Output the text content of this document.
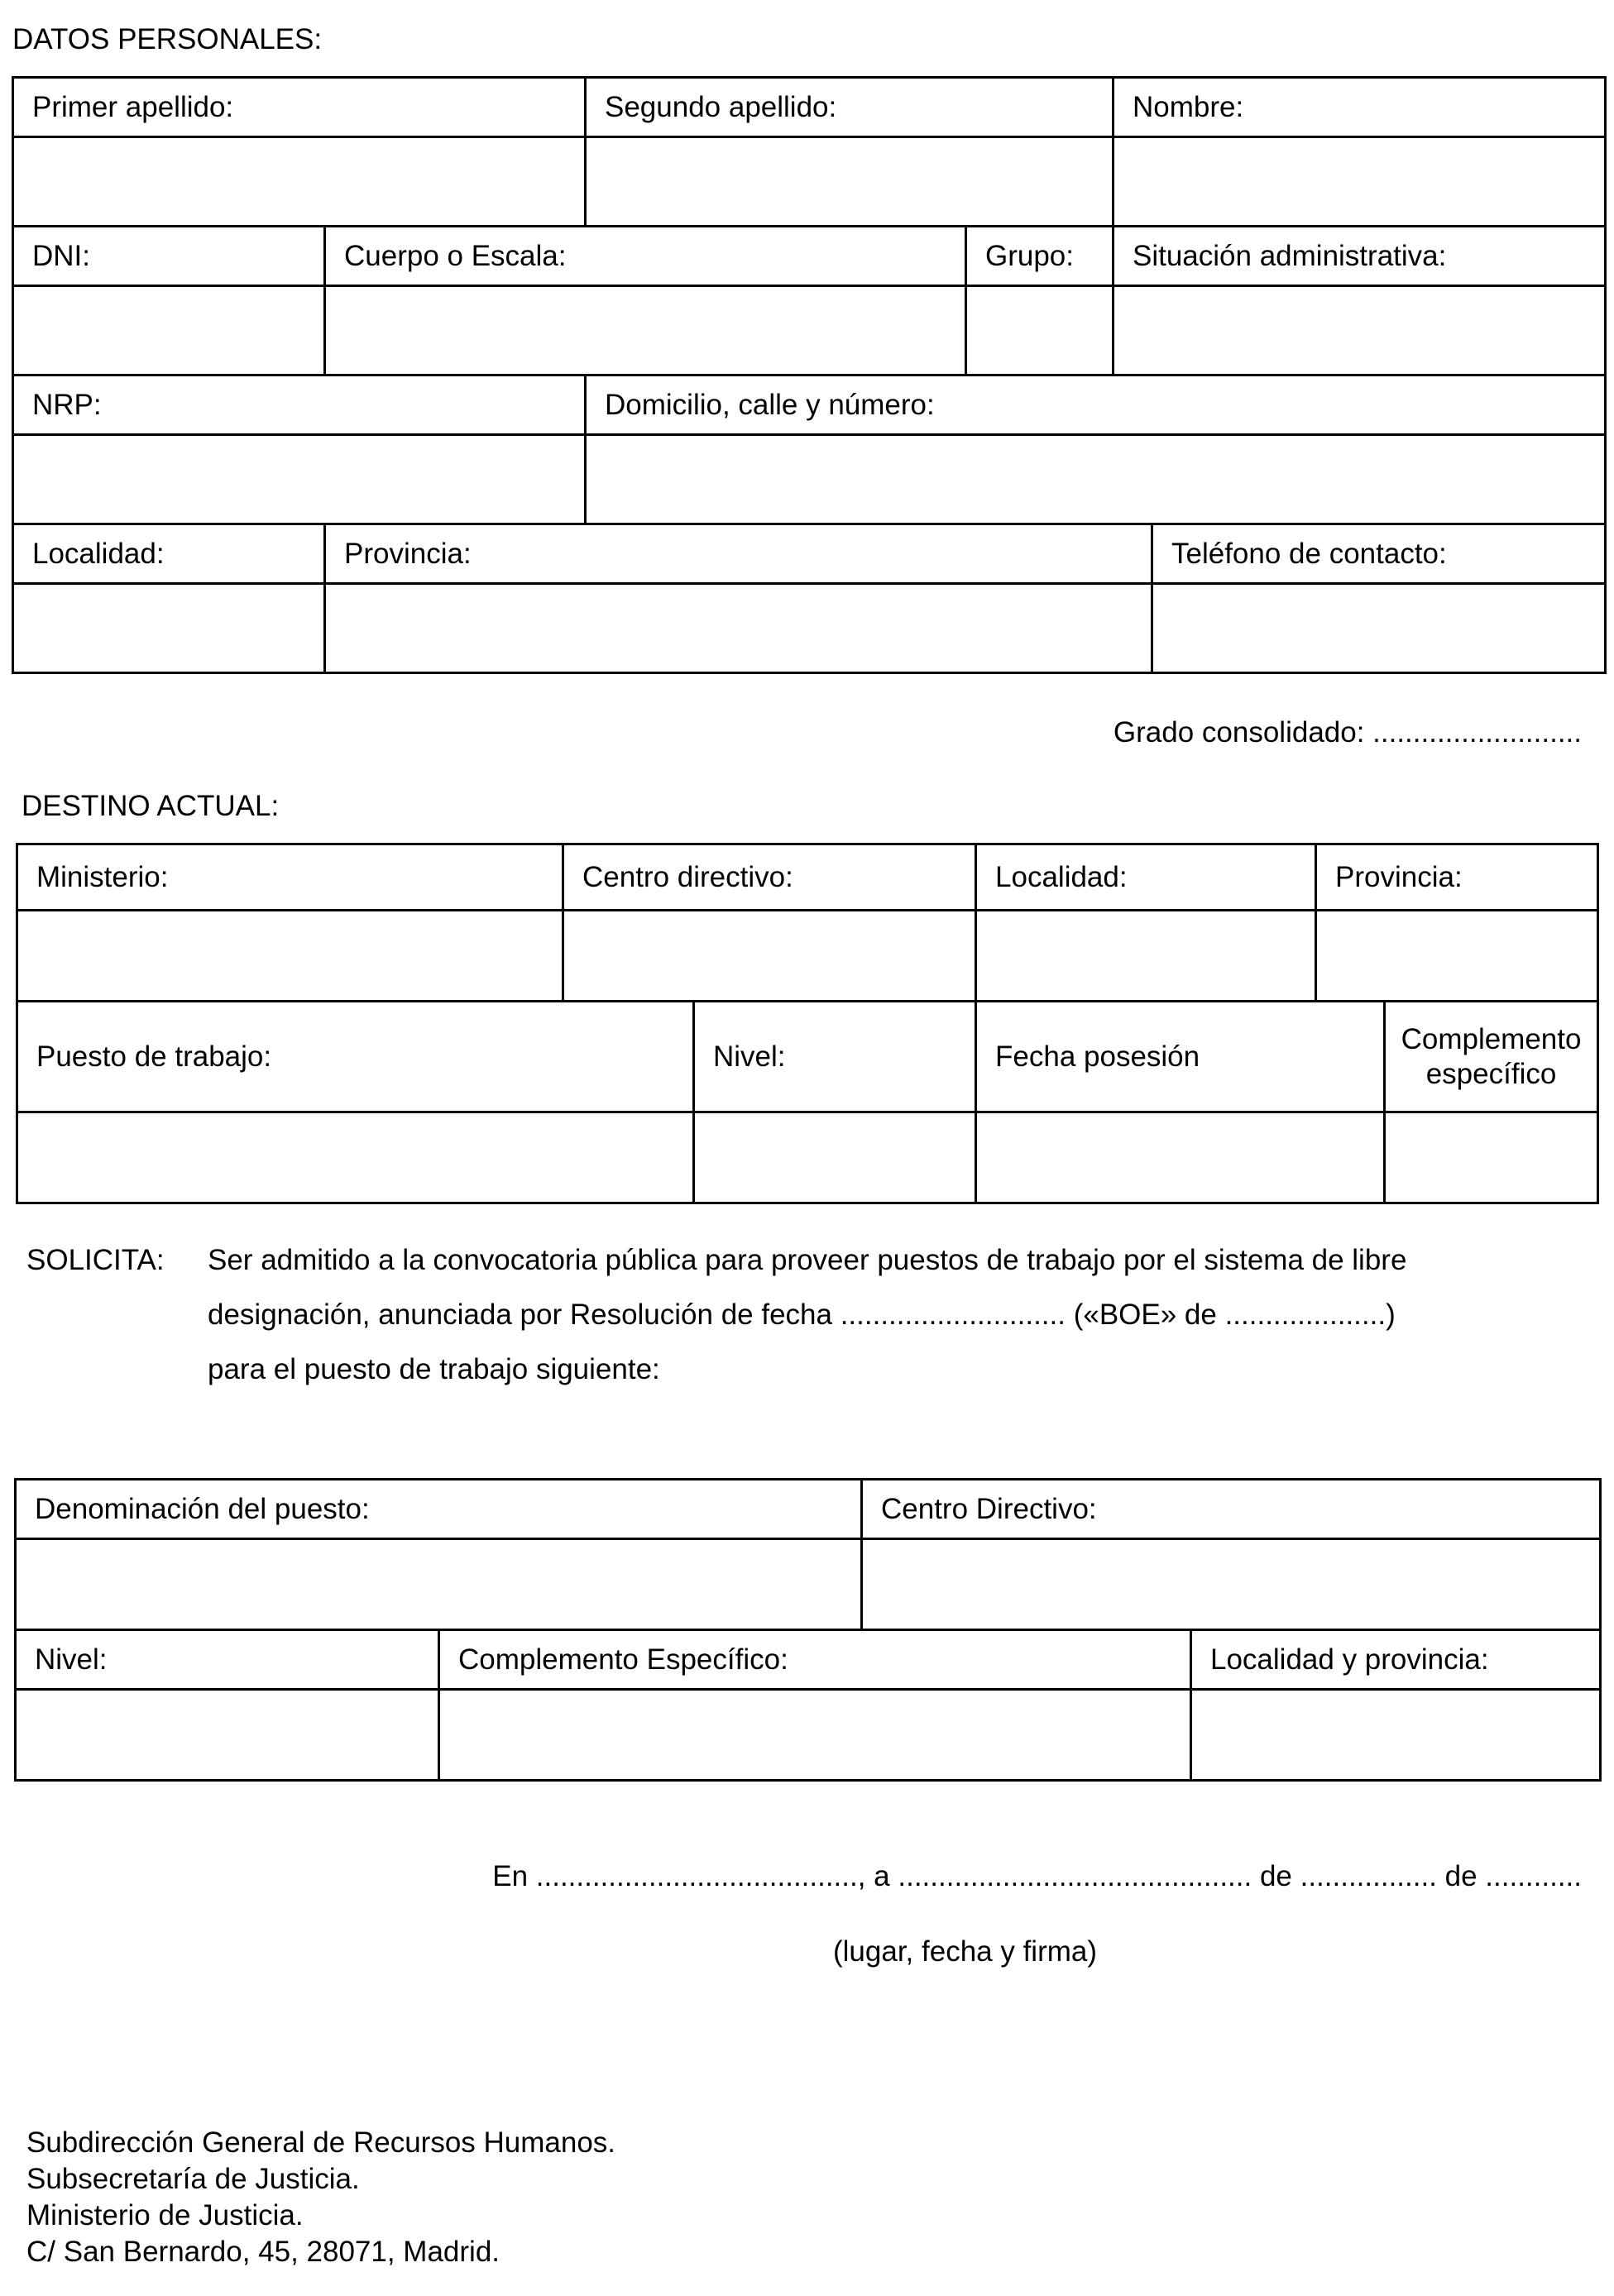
DATOS PERSONALES:
Primer apellido:		Segundo apellido:		Nombre:	

DNI:	Cuerpo o Escala:		Grupo:	Situación administrativa:	

NRP:		Domicilio, calle y número:			

Localidad:	Provincia:				Teléfono de contacto:

Grado consolidado: ..........................
DESTINO ACTUAL:
Ministerio:	Centro directivo:		Localidad:	Provincia:	

Puesto de trabajo:		Nivel:	Fecha posesión		Complemento específico

SOLICITA: Ser admitido a la convocatoria pública para proveer puestos de trabajo por el sistema de libre
designación, anunciada por Resolución de fecha ............................ («BOE» de ....................)
para el puesto de trabajo siguiente:
Denominación del puesto:		Centro Directivo:	

Nivel:	Complemento Específico:		Localidad y provincia:

En ........................................, a ............................................ de ................. de ............
(lugar, fecha y firma)
Subdirección General de Recursos Humanos.
Subsecretaría de Justicia.
Ministerio de Justicia.
C/ San Bernardo, 45, 28071, Madrid.
